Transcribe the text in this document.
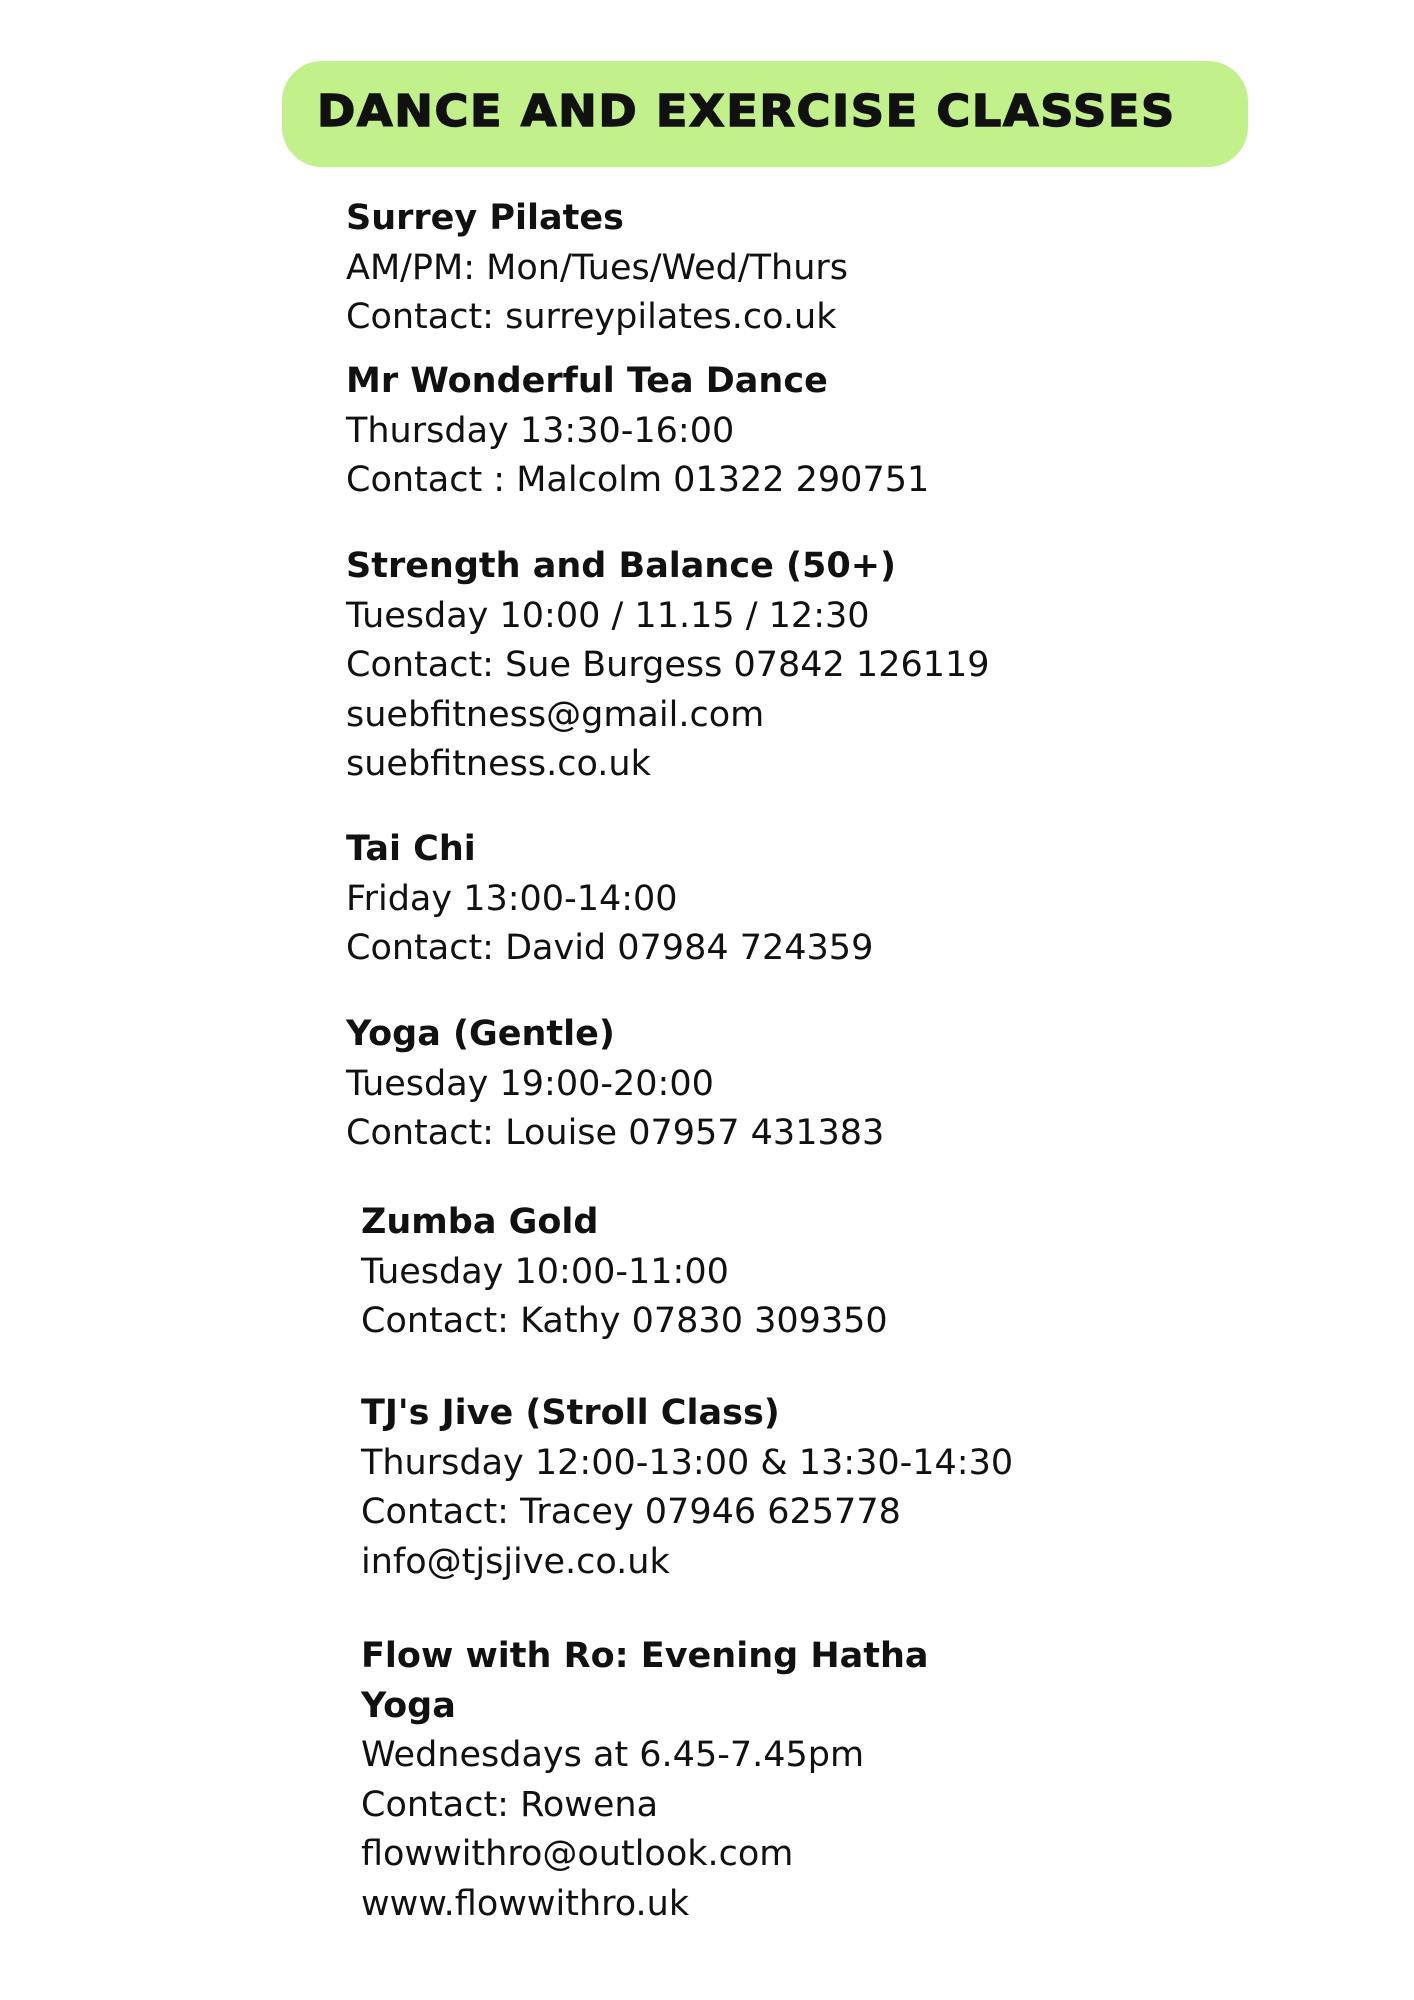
DANCE AND EXERCISE CLASSES
Surrey Pilates
AM/PM: Mon/Tues/Wed/Thurs
Contact: surreypilates.co.uk
Mr Wonderful Tea Dance
Thursday 13:30-16:00
Contact : Malcolm 01322 290751
Strength and Balance (50+)
Tuesday 10:00 / 11.15 / 12:30
Contact: Sue Burgess 07842 126119
suebfitness@gmail.com
suebfitness.co.uk
Tai Chi
Friday 13:00-14:00
Contact: David 07984 724359
Yoga (Gentle)
Tuesday 19:00-20:00
Contact: Louise 07957 431383
Zumba Gold
Tuesday 10:00-11:00
Contact: Kathy 07830 309350
TJ's Jive (Stroll Class)
Thursday 12:00-13:00 & 13:30-14:30
Contact: Tracey 07946 625778
info@tjsjive.co.uk
Flow with Ro: Evening Hatha
Yoga
Wednesdays at 6.45-7.45pm
Contact: Rowena
flowwithro@outlook.com
www.flowwithro.uk
